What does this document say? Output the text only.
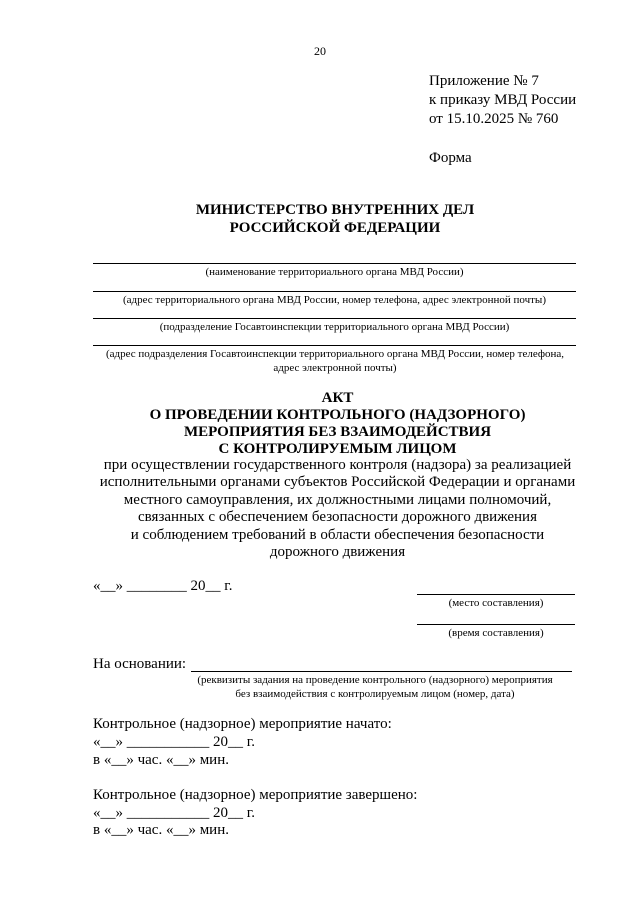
20
Приложение № 7
к приказу МВД России
от 15.10.2025 № 760
Форма
МИНИСТЕРСТВО ВНУТРЕННИХ ДЕЛ
РОССИЙСКОЙ ФЕДЕРАЦИИ
(наименование территориального органа МВД России)
(адрес территориального органа МВД России, номер телефона, адрес электронной почты)
(подразделение Госавтоинспекции территориального органа МВД России)
(адрес подразделения Госавтоинспекции территориального органа МВД России, номер телефона, адрес электронной почты)
АКТ
О ПРОВЕДЕНИИ КОНТРОЛЬНОГО (НАДЗОРНОГО)
МЕРОПРИЯТИЯ БЕЗ ВЗАИМОДЕЙСТВИЯ
С КОНТРОЛИРУЕМЫМ ЛИЦОМ
при осуществлении государственного контроля (надзора) за реализацией
исполнительными органами субъектов Российской Федерации и органами
местного самоуправления, их должностными лицами полномочий,
связанных с обеспечением безопасности дорожного движения
и соблюдением требований в области обеспечения безопасности
дорожного движения
«__» ________ 20__ г.
(место составления)
(время составления)
На основании:
(реквизиты задания на проведение контрольного (надзорного) мероприятия
без взаимодействия с контролируемым лицом (номер, дата)
Контрольное (надзорное) мероприятие начато:
«__» ___________ 20__ г.
в «__» час. «__» мин.
Контрольное (надзорное) мероприятие завершено:
«__» ___________ 20__ г.
в «__» час. «__» мин.
